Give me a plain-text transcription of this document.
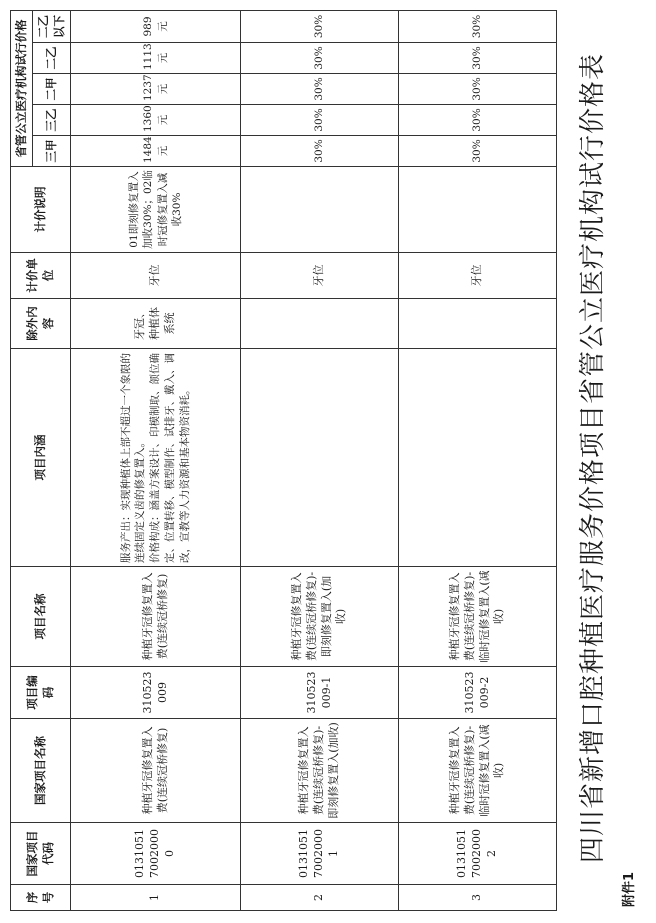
附件1
四川省新增口腔种植医疗服务价格项目省管公立医疗机构试行价格表
序号	国家项目代码	国家项目名称	项目编码	项目名称	项目内涵	除外内容	计价单位	计价说明	省管公立医疗机构试行价格				
									三甲	三乙	二甲	二乙	二乙以下
1	013105170020000	种植牙冠修复置入费(连续冠桥修复)	310523009	种植牙冠修复置入费(连续冠桥修复)	服务产出：实现种植体上部不超过一个象限的连续固定义齿的修复置入。
价格构成：涵盖方案设计、印模制取、颌位确定、位置转移、模型制作、试排牙、戴入、调改，宣教等人力资源和基本物资消耗。	牙冠、种植体系统	牙位	01即刻修复置入加收30%；02临时冠修复置入减收30%	1484元	1360元	1237元	1113元	989元
2	013105170020001	种植牙冠修复置入费(连续冠桥修复)-即刻修复置入(加收)	310523009-1	种植牙冠修复置入费(连续冠桥修复)-即刻修复置入(加收)			牙位		30%	30%	30%	30%	30%
3	013105170020002	种植牙冠修复置入费(连续冠桥修复)-临时冠修复置入(减收)	310523009-2	种植牙冠修复置入费(连续冠桥修复)-临时冠修复置入(减收)			牙位		30%	30%	30%	30%	30%
